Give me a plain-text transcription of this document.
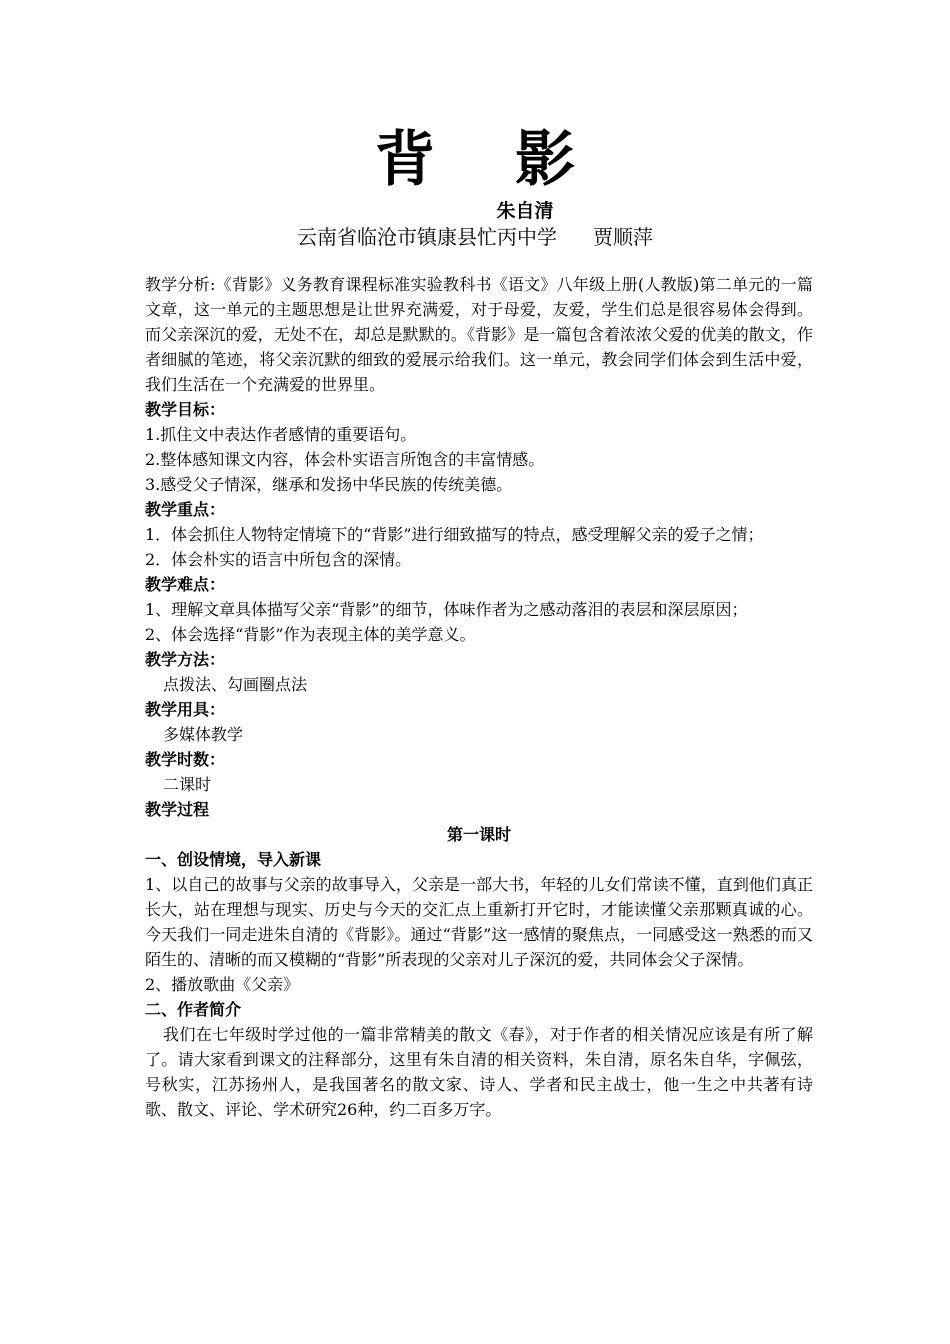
背 影
朱自清
云南省临沧市镇康县忙丙中学 贾顺萍

教学分析:《背影》义务教育课程标准实验教科书《语文》八年级上册(人教版)第二单元的一篇文章，这一单元的主题思想是让世界充满爱，对于母爱，友爱，学生们总是很容易体会得到。而父亲深沉的爱，无处不在，却总是默默的。《背影》是一篇包含着浓浓父爱的优美的散文，作者细腻的笔迹，将父亲沉默的细致的爱展示给我们。这一单元，教会同学们体会到生活中爱，我们生活在一个充满爱的世界里。

教学目标：

1.抓住文中表达作者感情的重要语句。

2.整体感知课文内容，体会朴实语言所饱含的丰富情感。

3.感受父子情深，继承和发扬中华民族的传统美德。

教学重点：

1．体会抓住人物特定情境下的“背影”进行细致描写的特点，感受理解父亲的爱子之情；

2．体会朴实的语言中所包含的深情。

教学难点：

1、理解文章具体描写父亲“背影”的细节，体味作者为之感动落泪的表层和深层原因；

2、体会选择“背影”作为表现主体的美学意义。

教学方法：

点拨法、勾画圈点法

教学用具：

多媒体教学

教学时数：

二课时

教学过程

第一课时

一、创设情境，导入新课

1、以自己的故事与父亲的故事导入，父亲是一部大书，年轻的儿女们常读不懂，直到他们真正长大，站在理想与现实、历史与今天的交汇点上重新打开它时，才能读懂父亲那颗真诚的心。今天我们一同走进朱自清的《背影》。通过“背影”这一感情的聚焦点，一同感受这一熟悉的而又陌生的、清晰的而又模糊的“背影”所表现的父亲对儿子深沉的爱，共同体会父子深情。

2、播放歌曲《父亲》

二、作者简介

我们在七年级时学过他的一篇非常精美的散文《春》，对于作者的相关情况应该是有所了解了。请大家看到课文的注释部分，这里有朱自清的相关资料，朱自清，原名朱自华，字佩弦，号秋实，江苏扬州人，是我国著名的散文家、诗人、学者和民主战士，他一生之中共著有诗歌、散文、评论、学术研究26种，约二百多万字。
